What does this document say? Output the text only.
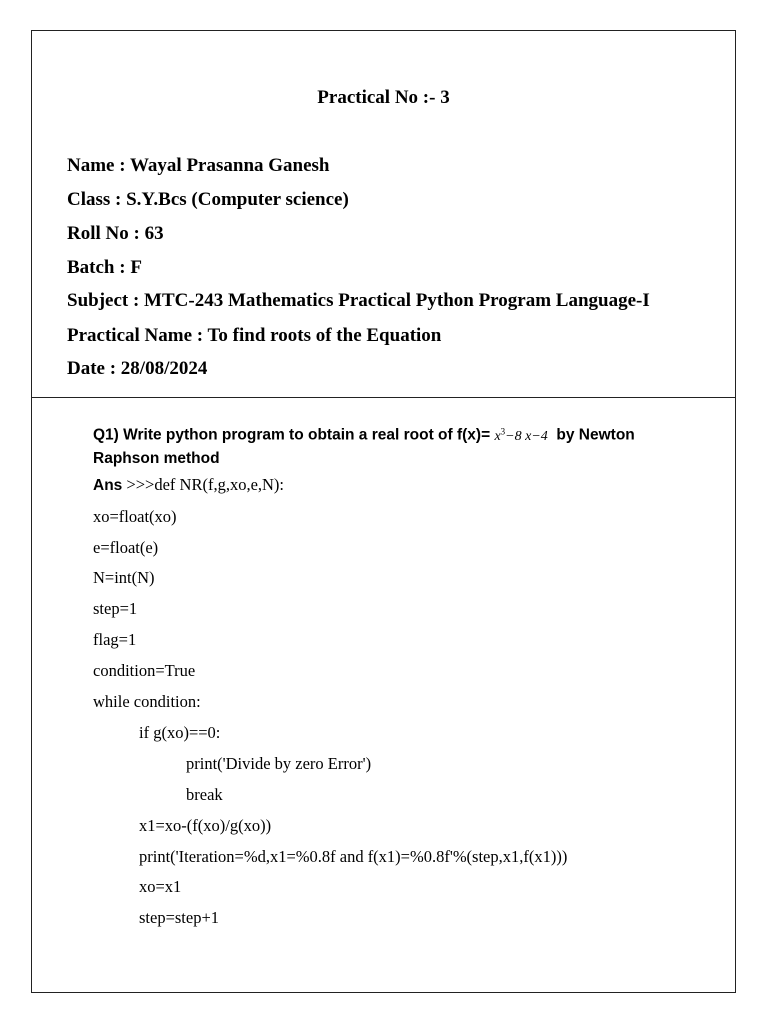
Practical No :- 3
Name : Wayal Prasanna Ganesh
Class : S.Y.Bcs (Computer science)
Roll No : 63
Batch : F
Subject : MTC-243 Mathematics Practical Python Program Language-I
Practical Name : To find roots of the Equation
Date : 28/08/2024
Q1) Write python program to obtain a real root of $f(x)= x^3-8$ x−4 by Newton Raphson method
Ans >>>def NR(f,g,xo,e,N):
xo=float(xo)
e=float(e)
N=int(N)
step=1
flag=1
condition=True
while condition:
if g(xo)==0:
print('Divide by zero Error')
break
x1=xo-(f(xo)/g(xo))
print('Iteration=%d,x1=%0.8f and f(x1)=%0.8f'%(step,x1,f(x1)))
xo=x1
step=step+1
